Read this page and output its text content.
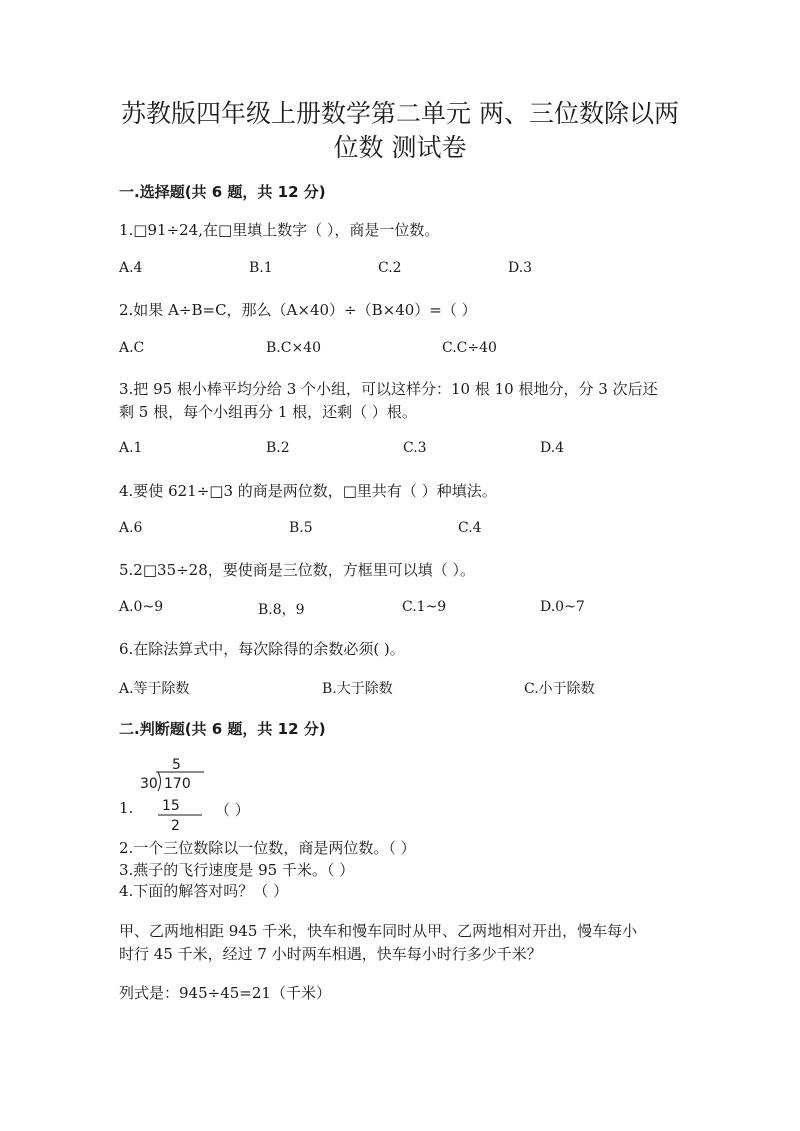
苏教版四年级上册数学第二单元 两、三位数除以两
位数 测试卷
一.选择题(共 6 题，共 12 分)
1.□91÷24,在□里填上数字（ ），商是一位数。
A.4	B.1	C.2	D.3
2.如果 A÷B=C，那么（A×40）÷（B×40）=（ ）
A.C	B.C×40	C.C÷40
3.把 95 根小棒平均分给 3 个小组，可以这样分：10 根 10 根地分，分 3 次后还
剩 5 根，每个小组再分 1 根，还剩（ ）根。
A.1	B.2	C.3	D.4
4.要使 621÷□3 的商是两位数，□里共有（ ）种填法。
A.6	B.5	C.4
5.2□35÷28，要使商是三位数，方框里可以填（ ）。
A.0~9	B.8，9	C.1~9	D.0~7
6.在除法算式中，每次除得的余数必须( )。
A.等于除数	B.大于除数	C.小于除数
二.判断题(共 6 题，共 12 分)
5
30 170
15
2
1.	（ ）
2.一个三位数除以一位数，商是两位数。（ ）
3.燕子的飞行速度是 95 千米。（ ）
4.下面的解答对吗？（ ）
甲、乙两地相距 945 千米，快车和慢车同时从甲、乙两地相对开出，慢车每小
时行 45 千米，经过 7 小时两车相遇，快车每小时行多少千米？
列式是：945÷45=21（千米）
